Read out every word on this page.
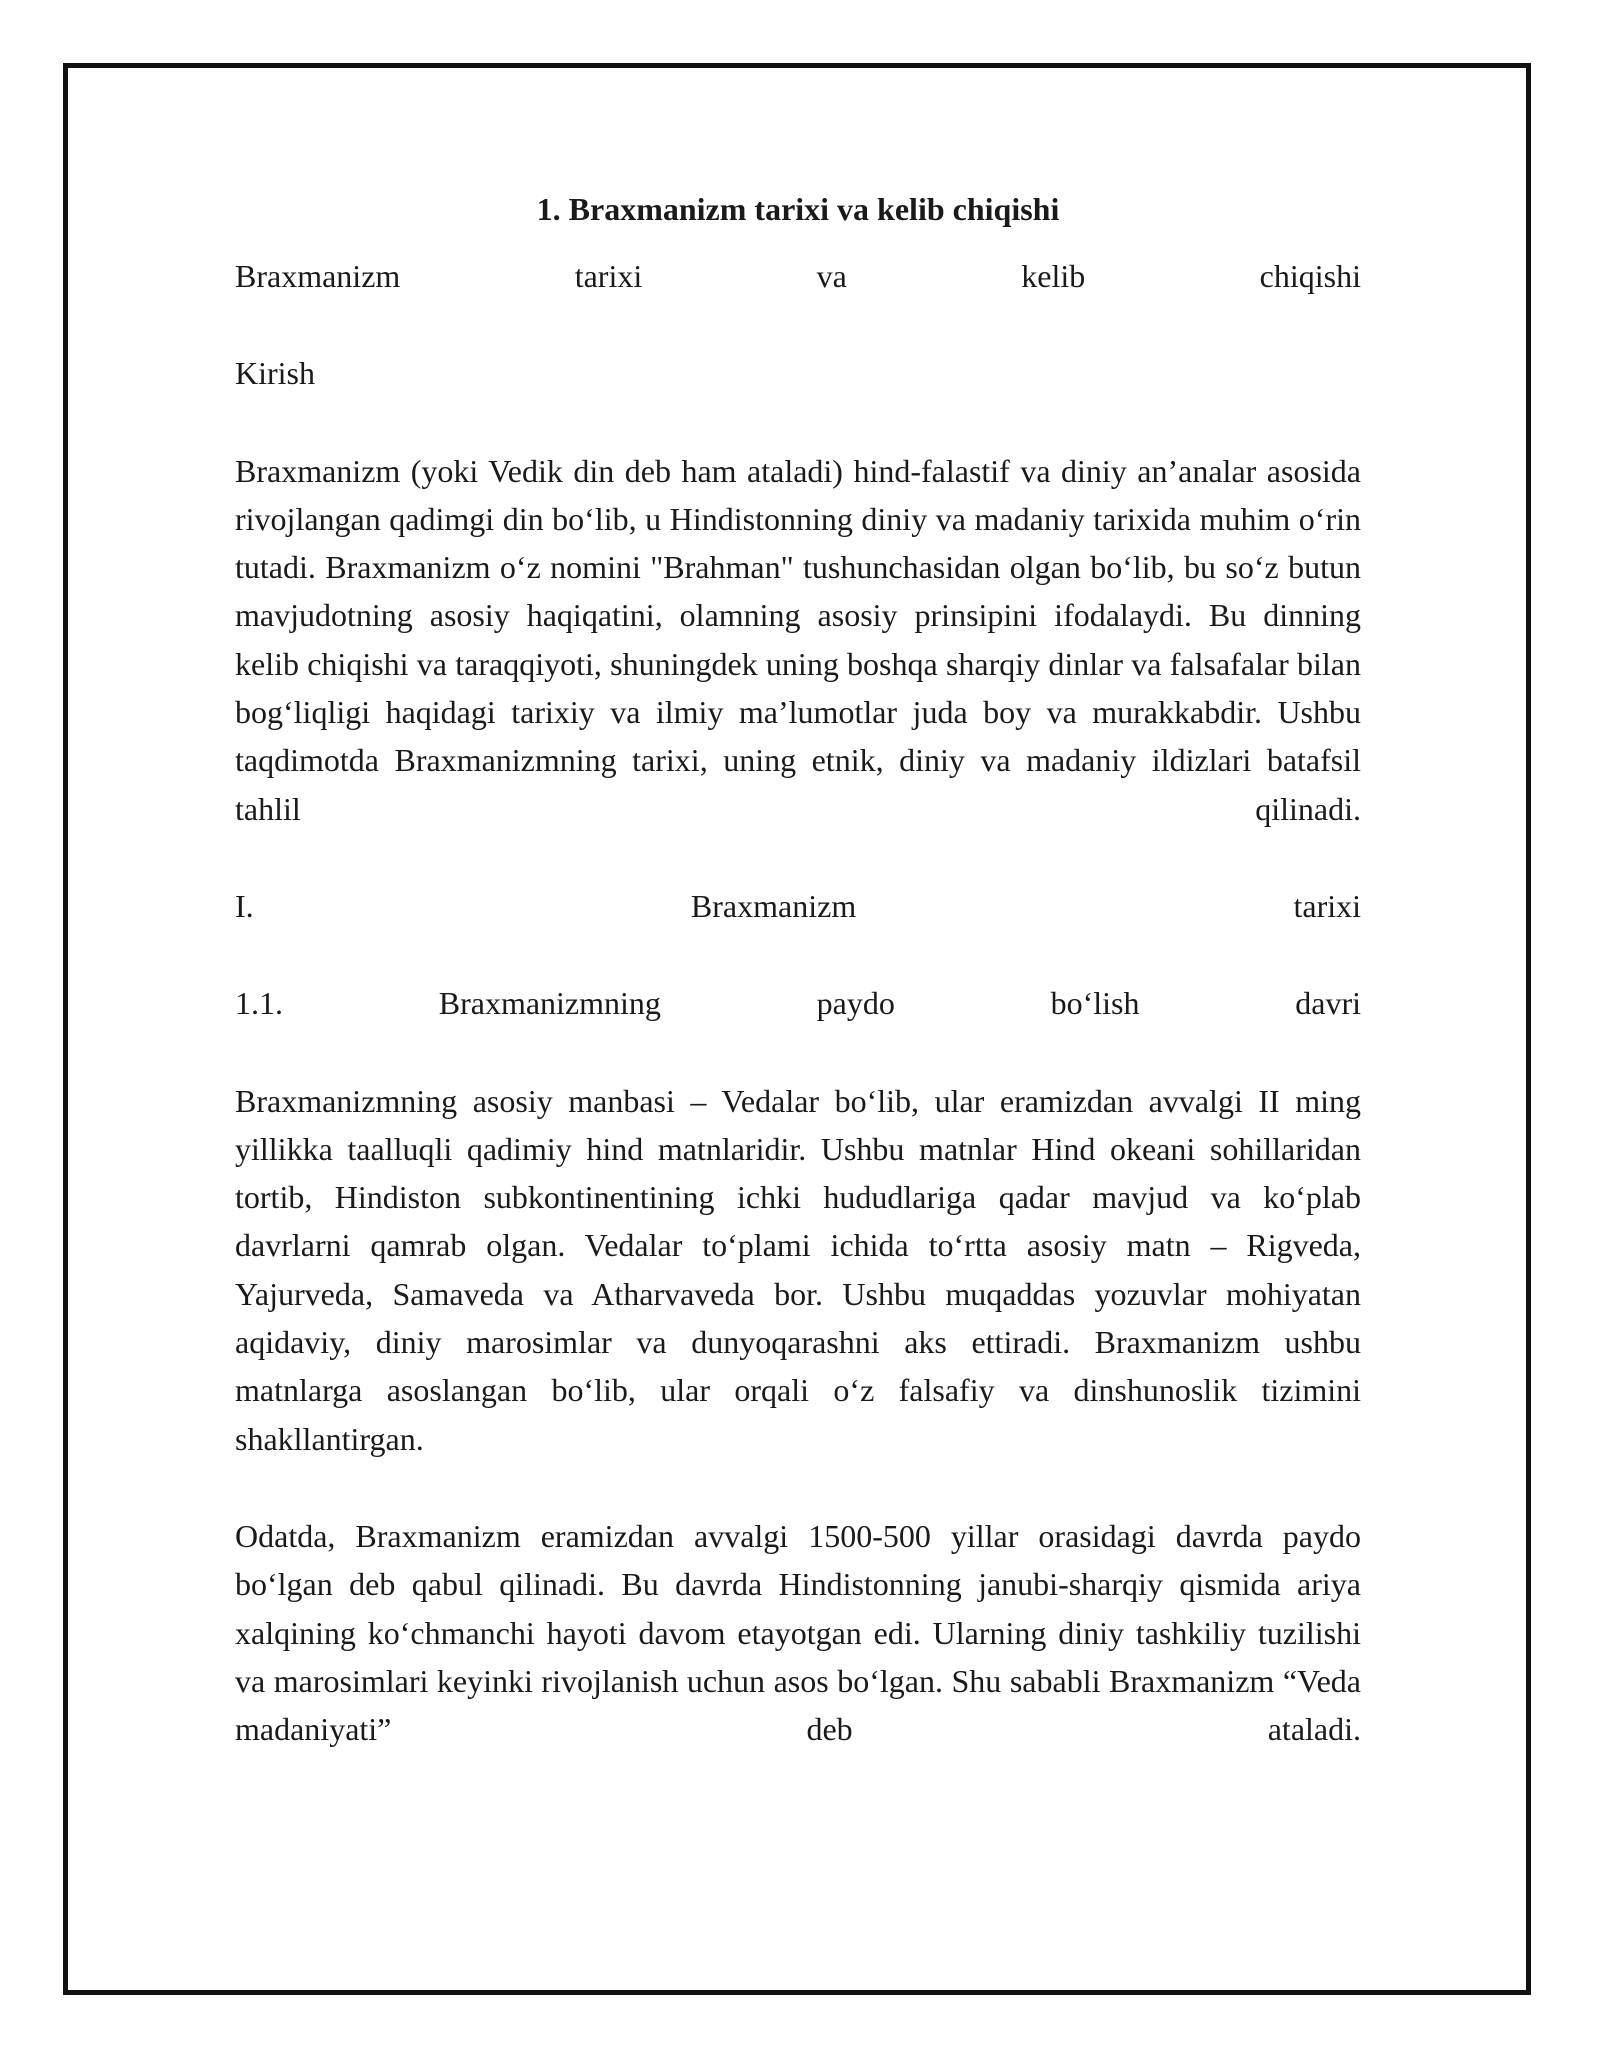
1. Braxmanizm tarixi va kelib chiqishi

Braxmanizm tarixi va kelib chiqishi

Kirish

Braxmanizm (yoki Vedik din deb ham ataladi) hind-falastif va diniy an’analar asosida rivojlangan qadimgi din bo‘lib, u Hindistonning diniy va madaniy tarixida muhim o‘rin tutadi. Braxmanizm o‘z nomini "Brahman" tushunchasidan olgan bo‘lib, bu so‘z butun mavjudotning asosiy haqiqatini, olamning asosiy prinsipini ifodalaydi. Bu dinning kelib chiqishi va taraqqiyoti, shuningdek uning boshqa sharqiy dinlar va falsafalar bilan bog‘liqligi haqidagi tarixiy va ilmiy ma’lumotlar juda boy va murakkabdir. Ushbu taqdimotda Braxmanizmning tarixi, uning etnik, diniy va madaniy ildizlari batafsil tahlil qilinadi.

I. Braxmanizm tarixi

1.1. Braxmanizmning paydo bo‘lish davri

Braxmanizmning asosiy manbasi – Vedalar bo‘lib, ular eramizdan avvalgi II ming yillikka taalluqli qadimiy hind matnlaridir. Ushbu matnlar Hind okeani sohillaridan tortib, Hindiston subkontinentining ichki hududlariga qadar mavjud va ko‘plab davrlarni qamrab olgan. Vedalar to‘plami ichida to‘rtta asosiy matn – Rigveda, Yajurveda, Samaveda va Atharvaveda bor. Ushbu muqaddas yozuvlar mohiyatan aqidaviy, diniy marosimlar va dunyoqarashni aks ettiradi. Braxmanizm ushbu matnlarga asoslangan bo‘lib, ular orqali o‘z falsafiy va dinshunoslik tizimini shakllantirgan.

Odatda, Braxmanizm eramizdan avvalgi 1500-500 yillar orasidagi davrda paydo bo‘lgan deb qabul qilinadi. Bu davrda Hindistonning janubi-sharqiy qismida ariya xalqining ko‘chmanchi hayoti davom etayotgan edi. Ularning diniy tashkiliy tuzilishi va marosimlari keyinki rivojlanish uchun asos bo‘lgan. Shu sababli Braxmanizm “Veda madaniyati” deb ataladi.
